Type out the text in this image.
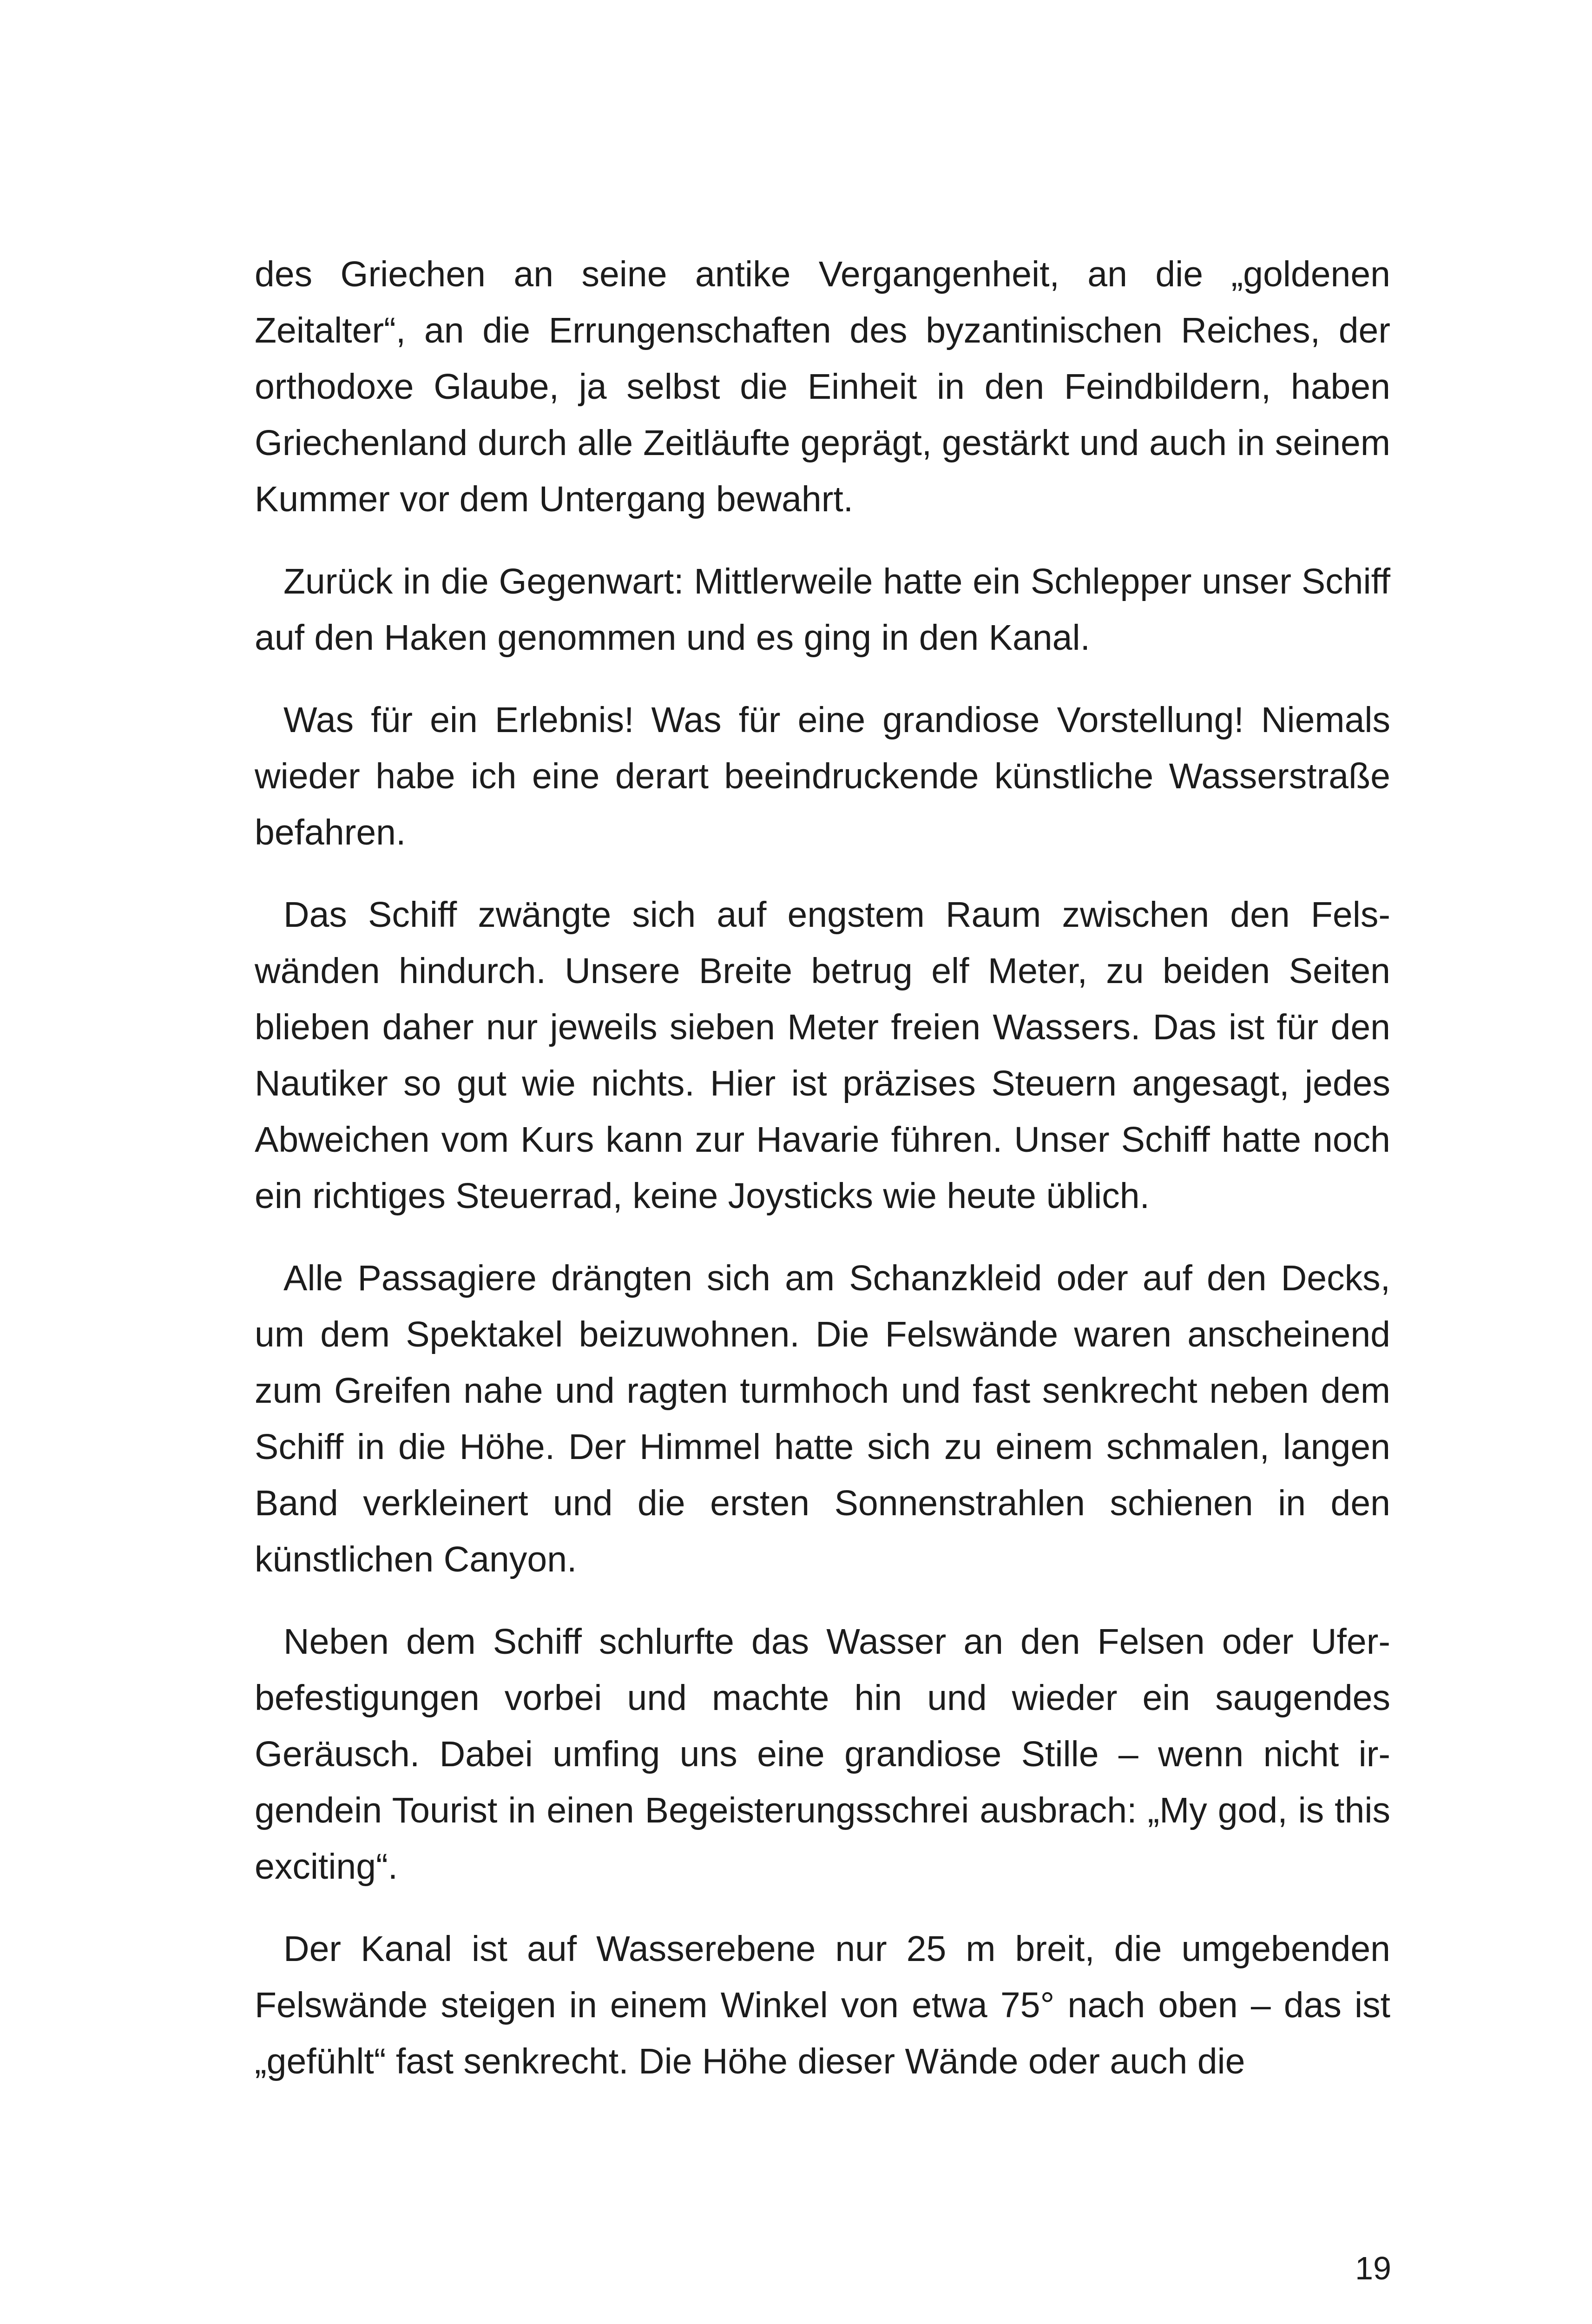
des Griechen an seine antike Vergangenheit, an die „goldenen Zeitalter“, an die Errungenschaften des byzantinischen Reiches, der orthodoxe Glaube, ja selbst die Einheit in den Feindbildern, haben Griechenland durch alle Zeitläufte geprägt, gestärkt und auch in seinem Kummer vor dem Untergang bewahrt.

Zurück in die Gegenwart: Mittlerweile hatte ein Schlepper unser Schiff auf den Haken genommen und es ging in den Kanal.

Was für ein Erlebnis! Was für eine grandiose Vorstellung! Niemals wieder habe ich eine derart beeindruckende künstliche Wasserstraße befahren.

Das Schiff zwängte sich auf engstem Raum zwischen den Felswänden hindurch. Unsere Breite betrug elf Meter, zu beiden Seiten blieben daher nur jeweils sieben Meter freien Wassers. Das ist für den Nautiker so gut wie nichts. Hier ist präzises Steuern angesagt, jedes Abweichen vom Kurs kann zur Havarie führen. Unser Schiff hatte noch ein richtiges Steuerrad, keine Joysticks wie heute üblich.

Alle Passagiere drängten sich am Schanzkleid oder auf den Decks, um dem Spektakel beizuwohnen. Die Felswände waren anscheinend zum Greifen nahe und ragten turmhoch und fast senkrecht neben dem Schiff in die Höhe. Der Himmel hatte sich zu einem schmalen, langen Band verkleinert und die ersten Sonnenstrahlen schienen in den künstlichen Canyon.

Neben dem Schiff schlurfte das Wasser an den Felsen oder Uferbefestigungen vorbei und machte hin und wieder ein saugendes Geräusch. Dabei umfing uns eine grandiose Stille – wenn nicht irgendein Tourist in einen Begeisterungsschrei ausbrach: „My god, is this exciting“.

Der Kanal ist auf Wasserebene nur 25 m breit, die umgebenden Felswände steigen in einem Winkel von etwa 75° nach oben – das ist „gefühlt“ fast senkrecht. Die Höhe dieser Wände oder auch die

19
